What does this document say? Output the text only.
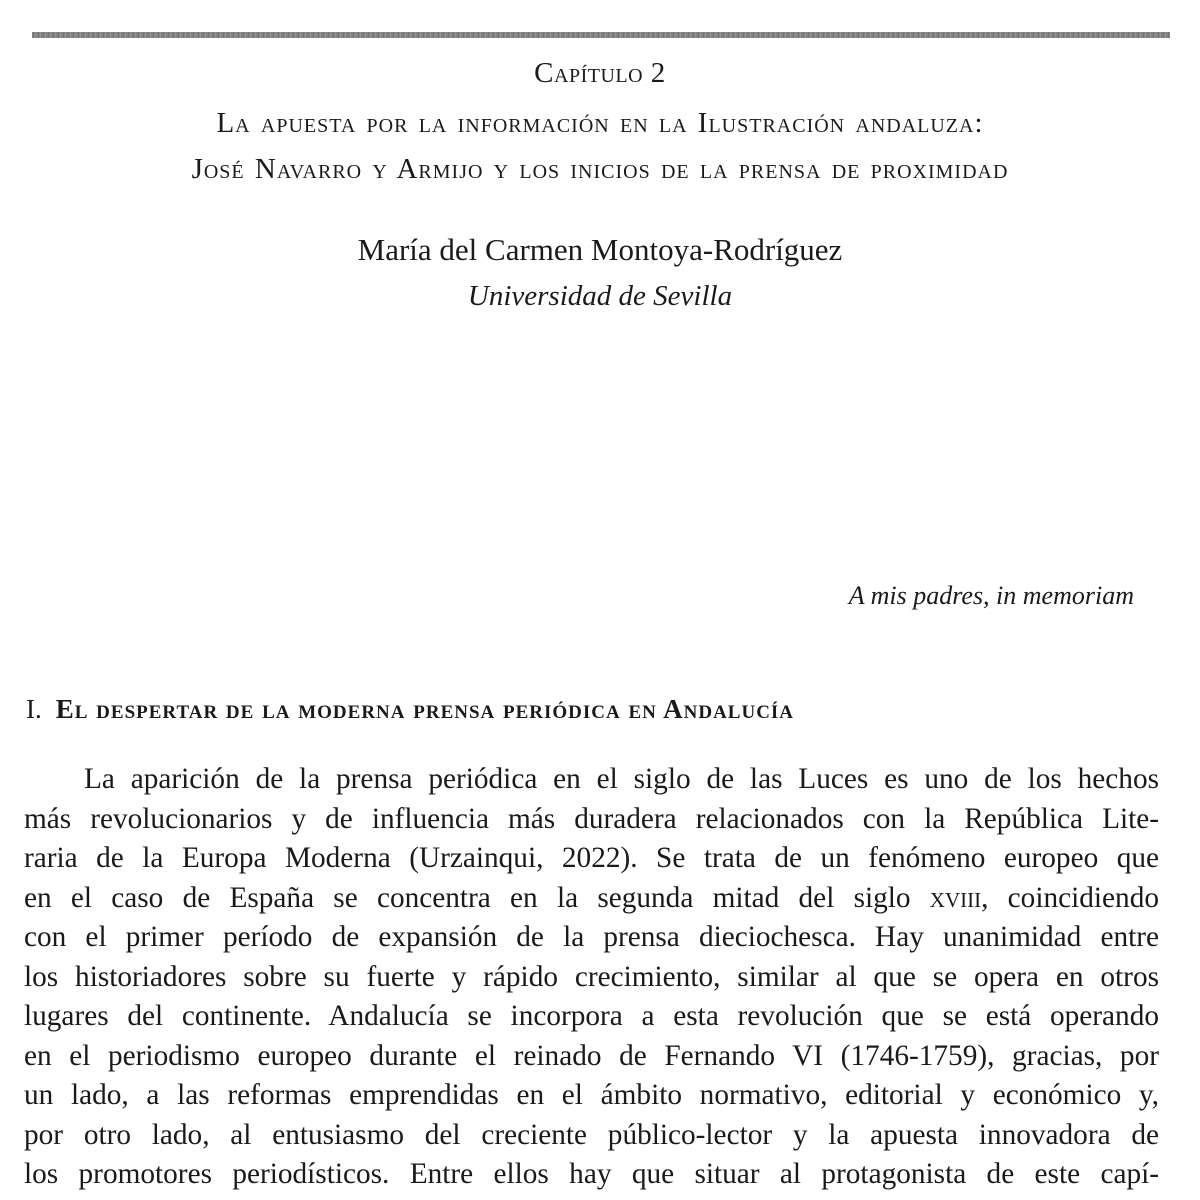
Capítulo 2
La apuesta por la información en la Ilustración andaluza:
José Navarro y Armijo y los inicios de la prensa de proximidad
María del Carmen Montoya-Rodríguez
Universidad de Sevilla
A mis padres, in memoriam
I. El despertar de la moderna prensa periódica en Andalucía
La aparición de la prensa periódica en el siglo de las Luces es uno de los hechos
más revolucionarios y de influencia más duradera relacionados con la República Lite-
raria de la Europa Moderna (Urzainqui, 2022). Se trata de un fenómeno europeo que
en el caso de España se concentra en la segunda mitad del siglo xviii, coincidiendo
con el primer período de expansión de la prensa dieciochesca. Hay unanimidad entre
los historiadores sobre su fuerte y rápido crecimiento, similar al que se opera en otros
lugares del continente. Andalucía se incorpora a esta revolución que se está operando
en el periodismo europeo durante el reinado de Fernando VI (1746-1759), gracias, por
un lado, a las reformas emprendidas en el ámbito normativo, editorial y económico y,
por otro lado, al entusiasmo del creciente público-lector y la apuesta innovadora de
los promotores periodísticos. Entre ellos hay que situar al protagonista de este capí-
